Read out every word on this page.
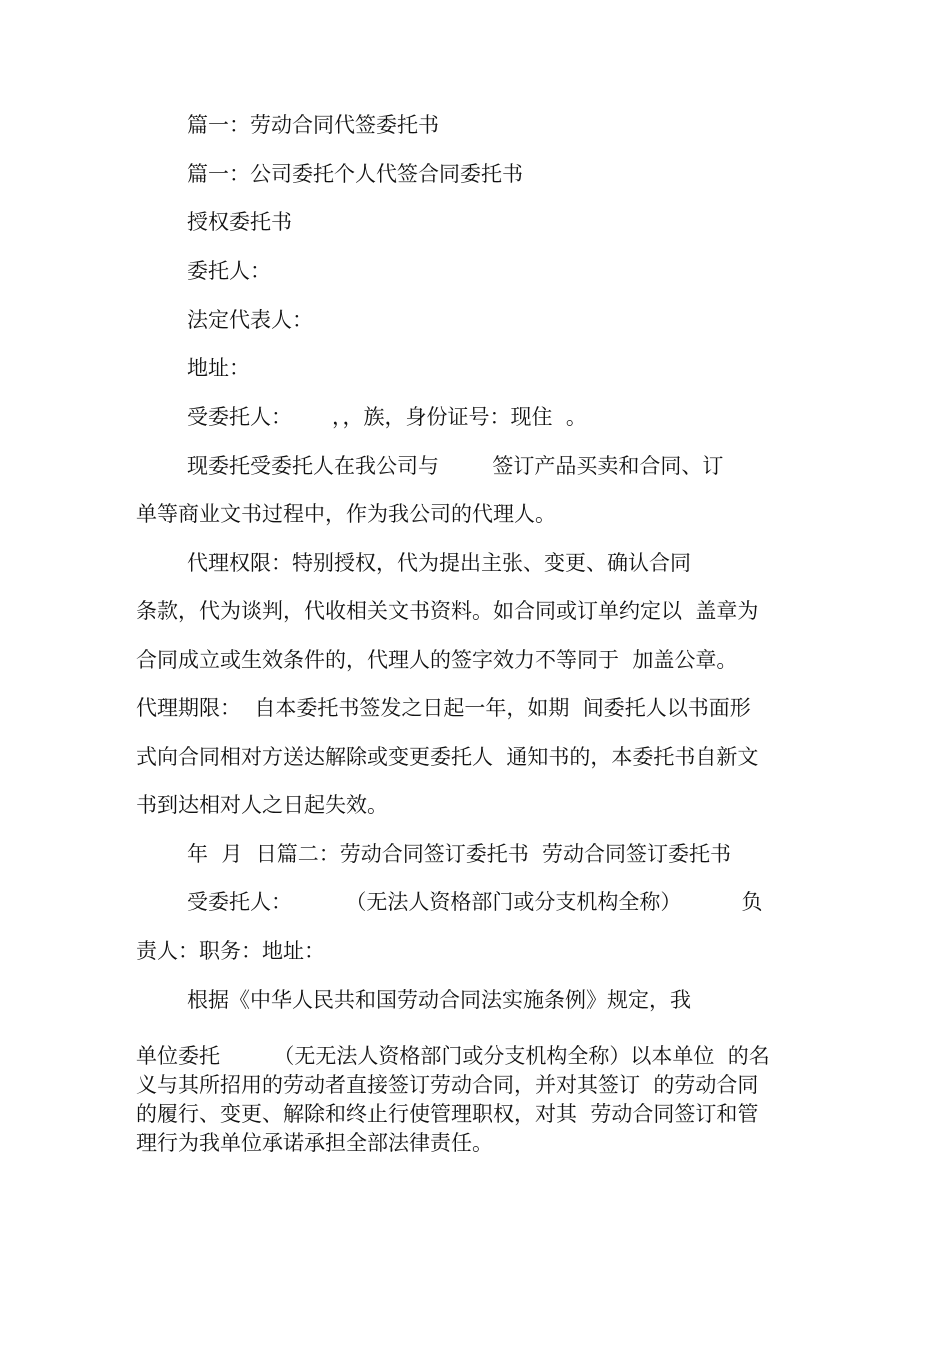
篇一：劳动合同代签委托书
篇一：公司委托个人代签合同委托书
授权委托书
委托人：
法定代表人：
地址：
受委托人：      ，，族，身份证号：现住  。
现委托受委托人在我公司与        签订产品买卖和合同、订
单等商业文书过程中，作为我公司的代理人。
代理权限：特别授权，代为提出主张、变更、确认合同
条款，代为谈判，代收相关文书资料。如合同或订单约定以  盖章为
合同成立或生效条件的，代理人的签字效力不等同于  加盖公章。
代理期限：  自本委托书签发之日起一年，如期  间委托人以书面形
式向合同相对方送达解除或变更委托人  通知书的，本委托书自新文
书到达相对人之日起失效。
年  月  日篇二：劳动合同签订委托书  劳动合同签订委托书
受委托人：        （无法人资格部门或分支机构全称）         负
责人：职务：地址：
根据《中华人民共和国劳动合同法实施条例》规定，我
单位委托        （无无法人资格部门或分支机构全称）以本单位  的名
义与其所招用的劳动者直接签订劳动合同，并对其签订  的劳动合同
的履行、变更、解除和终止行使管理职权，对其  劳动合同签订和管
理行为我单位承诺承担全部法律责任。
